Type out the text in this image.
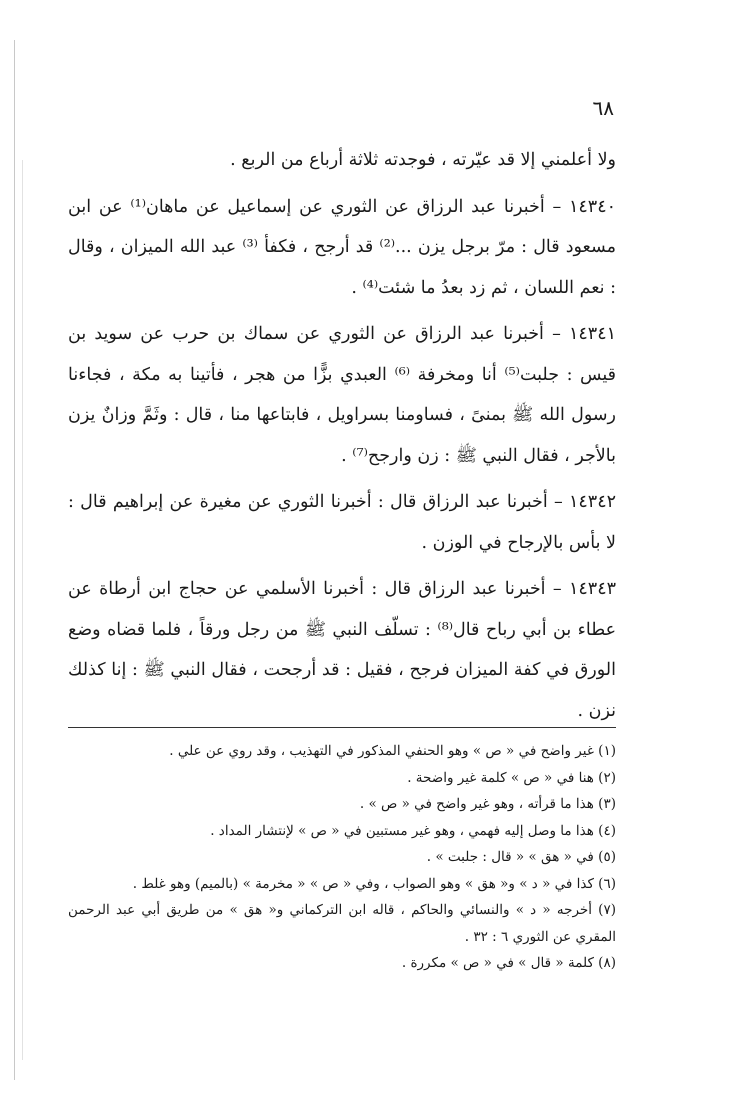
٦٨

ولا أعلمني إلا قد عيّرته ، فوجدته ثلاثة أرباع من الربع .

١٤٣٤٠ – أخبرنا عبد الرزاق عن الثوري عن إسماعيل عن ماهان⁽¹⁾ عن ابن مسعود قال : مرّ برجل يزن ...⁽²⁾ قد أرجح ، فكفأ ⁽³⁾ عبد الله الميزان ، وقال : نعم اللسان ، ثم زد بعدُ ما شئت⁽⁴⁾ .

١٤٣٤١ – أخبرنا عبد الرزاق عن الثوري عن سماك بن حرب عن سويد بن قيس : جلبت⁽⁵⁾ أنا ومخرفة ⁽⁶⁾ العبدي بزًّا من هجر ، فأتينا به مكة ، فجاءنا رسول الله ﷺ بمنىً ، فساومنا بسراويل ، فابتاعها منا ، قال : وثَمَّ وزانٌ يزن بالأجر ، فقال النبي ﷺ : زن وارجح⁽⁷⁾ .

١٤٣٤٢ – أخبرنا عبد الرزاق قال : أخبرنا الثوري عن مغيرة عن إبراهيم قال : لا بأس بالإرجاح في الوزن .

١٤٣٤٣ – أخبرنا عبد الرزاق قال : أخبرنا الأسلمي عن حجاج ابن أرطاة عن عطاء بن أبي رباح قال⁽⁸⁾ : تسلّف النبي ﷺ من رجل ورقاً ، فلما قضاه وضع الورق في كفة الميزان فرجح ، فقيل : قد أرجحت ، فقال النبي ﷺ : إنا كذلك نزن .

(١) غير واضح في « ص » وهو الحنفي المذكور في التهذيب ، وقد روي عن علي .

(٢) هنا في « ص » كلمة غير واضحة .

(٣) هذا ما قرأته ، وهو غير واضح في « ص » .

(٤) هذا ما وصل إليه فهمي ، وهو غير مستبين في « ص » لإنتشار المداد .

(٥) في « هق » « قال : جلبت » .

(٦) كذا في « د » و« هق » وهو الصواب ، وفي « ص » « مخرمة » (بالميم) وهو غلط .

(٧) أخرجه « د » والنسائي والحاكم ، قاله ابن التركماني و« هق » من طريق أبي عبد الرحمن المقري عن الثوري ٦ : ٣٢ .

(٨) كلمة « قال » في « ص » مكررة .
